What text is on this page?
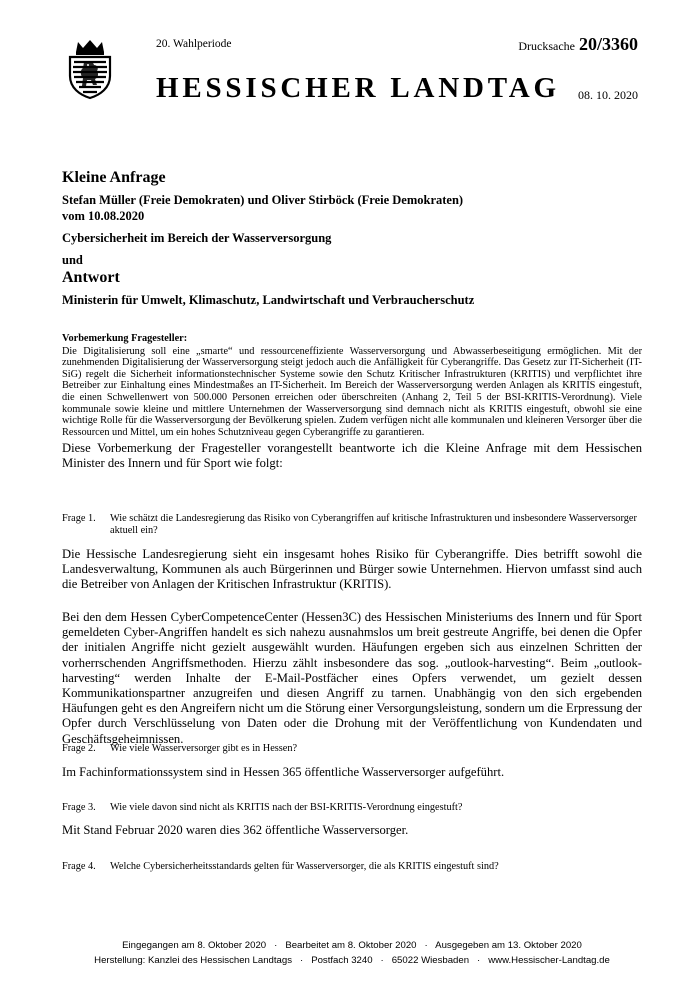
20. Wahlperiode	Drucksache 20/3360
HESSISCHER LANDTAG 08. 10. 2020
Kleine Anfrage
Stefan Müller (Freie Demokraten) und Oliver Stirböck (Freie Demokraten)
vom 10.08.2020
Cybersicherheit im Bereich der Wasserversorgung
und
Antwort
Ministerin für Umwelt, Klimaschutz, Landwirtschaft und Verbraucherschutz
Vorbemerkung Fragesteller:
Die Digitalisierung soll eine „smarte“ und ressourceneffiziente Wasserversorgung und Abwasserbeseitigung ermöglichen. Mit der zunehmenden Digitalisierung der Wasserversorgung steigt jedoch auch die Anfälligkeit für Cyberangriffe. Das Gesetz zur IT-Sicherheit (IT-SiG) regelt die Sicherheit informationstechnischer Systeme sowie den Schutz Kritischer Infrastrukturen (KRITIS) und verpflichtet ihre Betreiber zur Einhaltung eines Mindestmaßes an IT-Sicherheit. Im Bereich der Wasserversorgung werden Anlagen als KRITIS eingestuft, die einen Schwellenwert von 500.000 Personen erreichen oder überschreiten (Anhang 2, Teil 5 der BSI-KRITIS-Verordnung). Viele kommunale sowie kleine und mittlere Unternehmen der Wasserversorgung sind demnach nicht als KRITIS eingestuft, obwohl sie eine wichtige Rolle für die Wasserversorgung der Bevölkerung spielen. Zudem verfügen nicht alle kommunalen und kleineren Versorger über die Ressourcen und Mittel, um ein hohes Schutzniveau gegen Cyberangriffe zu garantieren.
Diese Vorbemerkung der Fragesteller vorangestellt beantworte ich die Kleine Anfrage mit dem Hessischen Minister des Innern und für Sport wie folgt:
Frage 1.	Wie schätzt die Landesregierung das Risiko von Cyberangriffen auf kritische Infrastrukturen und insbesondere Wasserversorger aktuell ein?
Die Hessische Landesregierung sieht ein insgesamt hohes Risiko für Cyberangriffe. Dies betrifft sowohl die Landesverwaltung, Kommunen als auch Bürgerinnen und Bürger sowie Unternehmen. Hiervon umfasst sind auch die Betreiber von Anlagen der Kritischen Infrastruktur (KRITIS).
Bei den dem Hessen CyberCompetenceCenter (Hessen3C) des Hessischen Ministeriums des Innern und für Sport gemeldeten Cyber-Angriffen handelt es sich nahezu ausnahmslos um breit gestreute Angriffe, bei denen die Opfer der initialen Angriffe nicht gezielt ausgewählt wurden. Häufungen ergeben sich aus einzelnen Schritten der vorherrschenden Angriffsmethoden. Hierzu zählt insbesondere das sog. „outlook-harvesting“. Beim „outlook-harvesting“ werden Inhalte der E-Mail-Postfächer eines Opfers verwendet, um gezielt dessen Kommunikationspartner anzugreifen und diesen Angriff zu tarnen. Unabhängig von den sich ergebenden Häufungen geht es den Angreifern nicht um die Störung einer Versorgungsleistung, sondern um die Erpressung der Opfer durch Verschlüsselung von Daten oder die Drohung mit der Veröffentlichung von Kundendaten und Geschäftsgeheimnissen.
Frage 2.	Wie viele Wasserversorger gibt es in Hessen?
Im Fachinformationssystem sind in Hessen 365 öffentliche Wasserversorger aufgeführt.
Frage 3.	Wie viele davon sind nicht als KRITIS nach der BSI-KRITIS-Verordnung eingestuft?
Mit Stand Februar 2020 waren dies 362 öffentliche Wasserversorger.
Frage 4.	Welche Cybersicherheitsstandards gelten für Wasserversorger, die als KRITIS eingestuft sind?
Eingegangen am 8. Oktober 2020   ·   Bearbeitet am 8. Oktober 2020   ·   Ausgegeben am 13. Oktober 2020
Herstellung: Kanzlei des Hessischen Landtags   ·   Postfach 3240   ·   65022 Wiesbaden   ·   www.Hessischer-Landtag.de
